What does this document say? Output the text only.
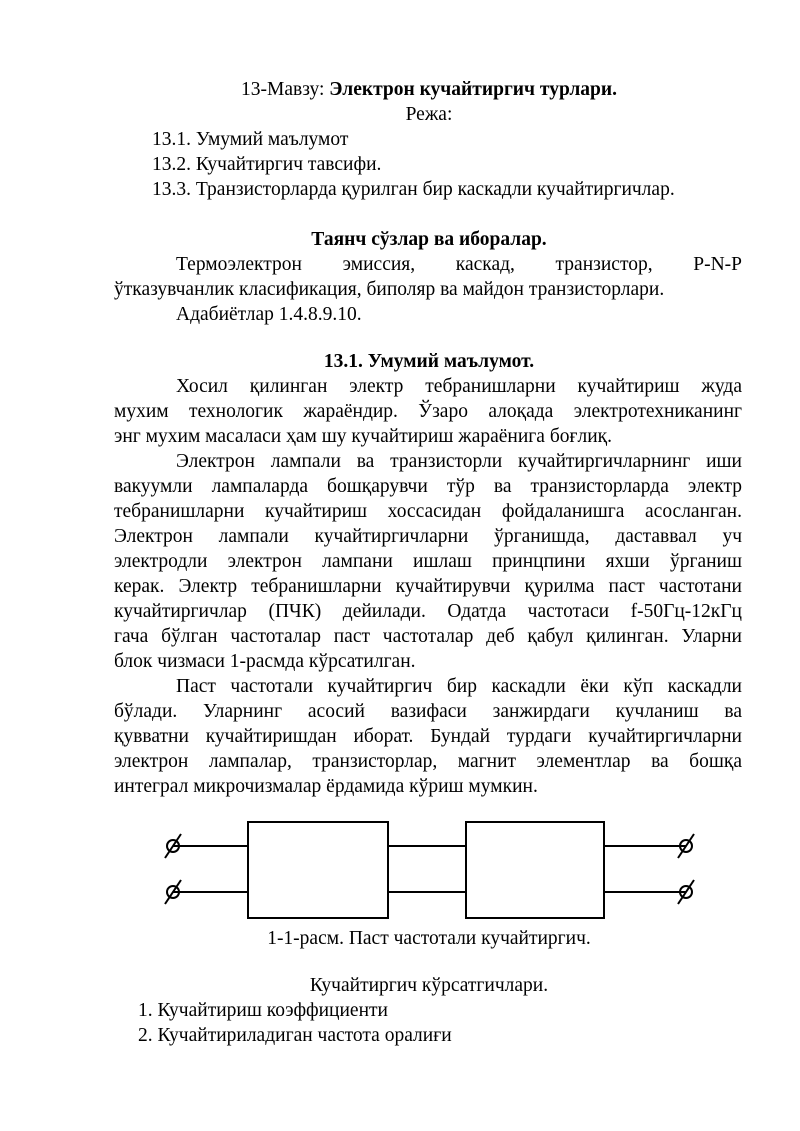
13-Мавзу: Электрон кучайтиргич турлари.
Режа:
13.1. Умумий маълумот
13.2. Кучайтиргич тавсифи.
13.3. Транзисторларда қурилган бир каскадли кучайтиргичлар.
Таянч сўзлар ва иборалар.
Термоэлектрон эмиссия, каскад, транзистор, P-N-P
ўтказувчанлик класификация, биполяр ва майдон транзисторлари.
Адабиётлар 1.4.8.9.10.
13.1. Умумий маълумот.
Хосил қилинган электр тебранишларни кучайтириш жуда
мухим технологик жараёндир. Ўзаро алоқада электротехниканинг
энг мухим масаласи ҳам шу кучайтириш жараёнига боғлиқ.
Электрон лампали ва транзисторли кучайтиргичларнинг иши
вакуумли лампаларда бошқарувчи тўр ва транзисторларда электр
тебранишларни кучайтириш хоссасидан фойдаланишга асосланган.
Электрон лампали кучайтиргичларни ўрганишда, даставвал уч
электродли электрон лампани ишлаш принцпини яхши ўрганиш
керак. Электр тебранишларни кучайтирувчи қурилма паст частотани
кучайтиргичлар (ПЧК) дейилади. Одатда частотаси f-50Гц-12кГц
гача бўлган частоталар паст частоталар деб қабул қилинган. Уларни
блок чизмаси 1-расмда кўрсатилган.
Паст частотали кучайтиргич бир каскадли ёки кўп каскадли
бўлади. Уларнинг асосий вазифаси занжирдаги кучланиш ва
қувватни кучайтиришдан иборат. Бундай турдаги кучайтиргичларни
электрон лампалар, транзисторлар, магнит элементлар ва бошқа
интеграл микрочизмалар ёрдамида кўриш мумкин.
1-1-расм. Паст частотали кучайтиргич.
Кучайтиргич кўрсатгичлари.
1. Кучайтириш коэффициенти
2. Кучайтириладиган частота оралиғи
